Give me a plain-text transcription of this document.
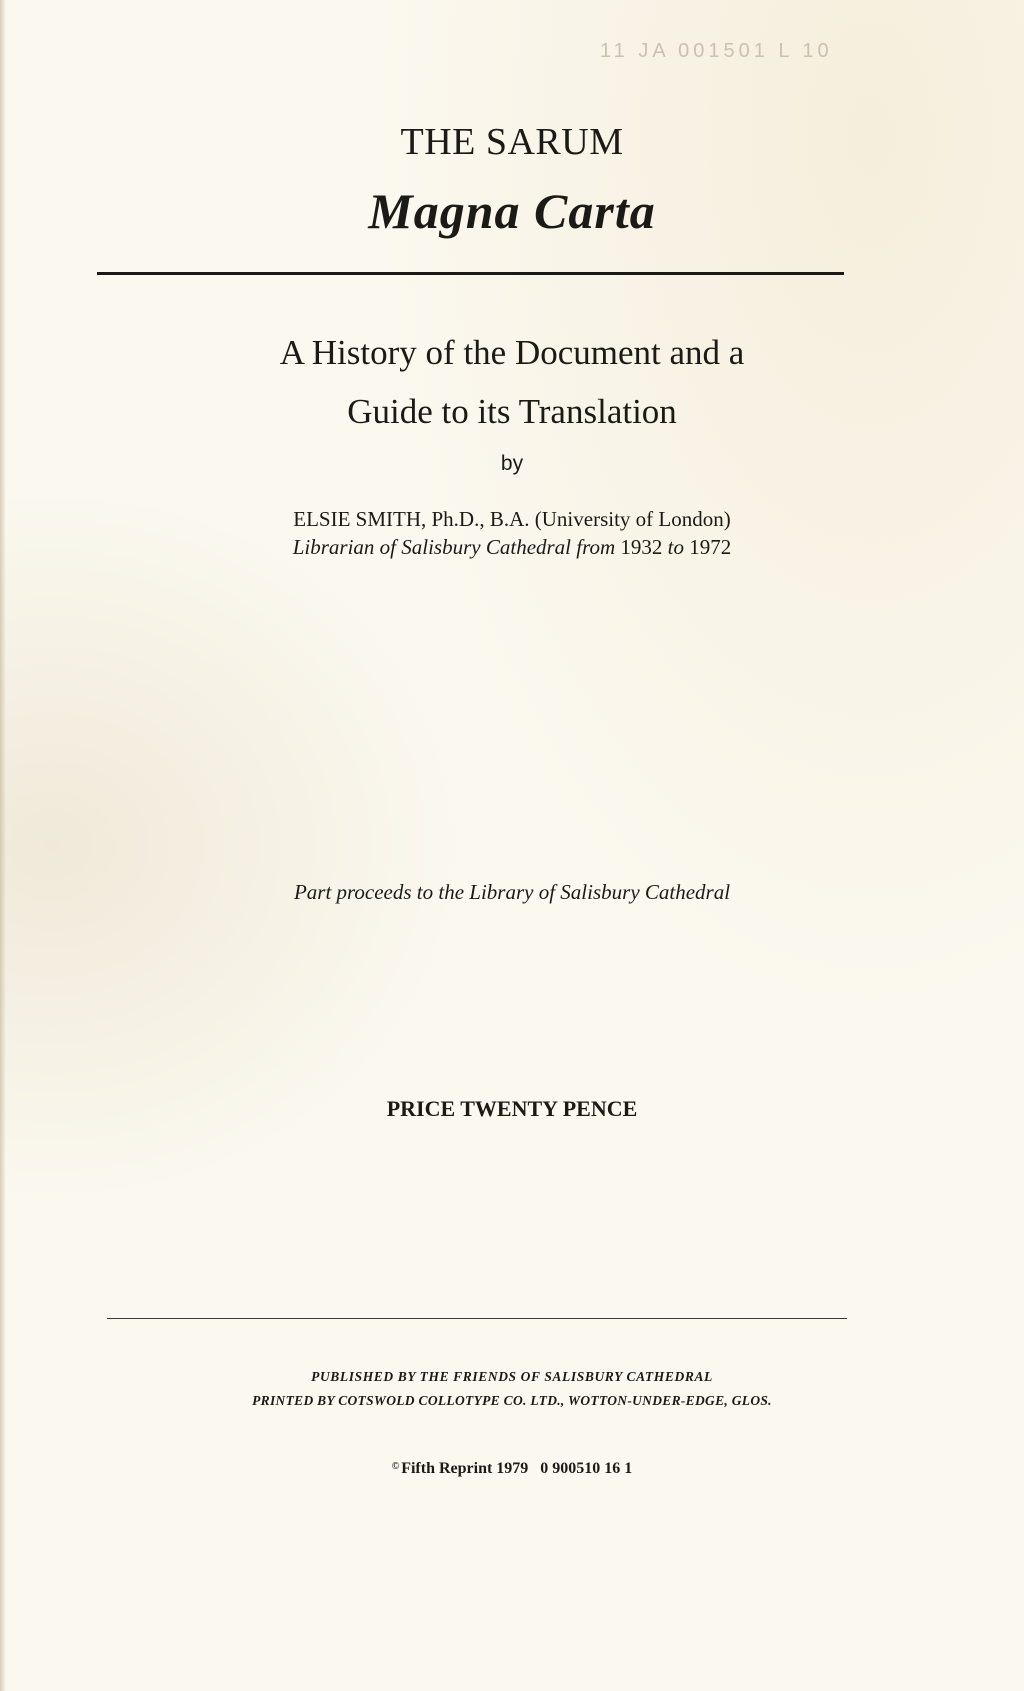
11 JA 001501 L 10
THE SARUM
Magna Carta
A History of the Document and a
Guide to its Translation
by
ELSIE SMITH, Ph.D., B.A. (University of London)
Librarian of Salisbury Cathedral from 1932 to 1972
Part proceeds to the Library of Salisbury Cathedral
PRICE TWENTY PENCE
PUBLISHED BY THE FRIENDS OF SALISBURY CATHEDRAL
PRINTED BY COTSWOLD COLLOTYPE CO. LTD., WOTTON-UNDER-EDGE, GLOS.
© Fifth Reprint 1979 0 900510 16 1
